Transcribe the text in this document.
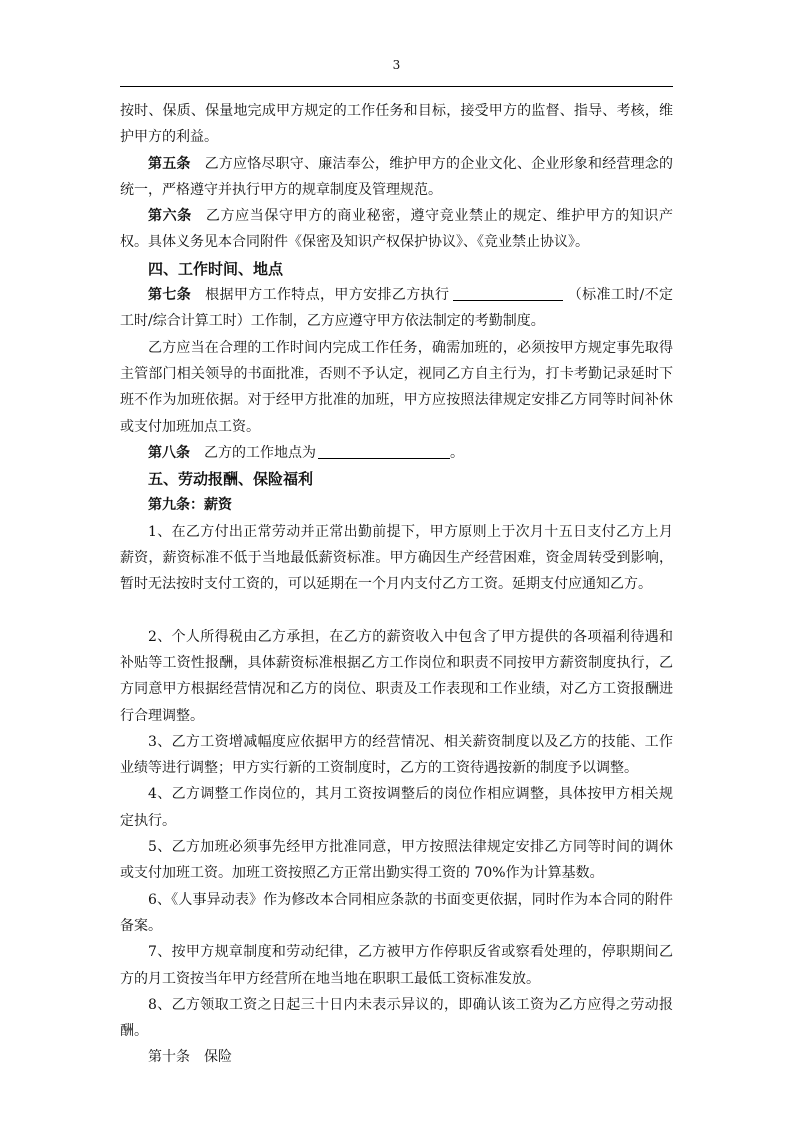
3

按时、保质、保量地完成甲方规定的工作任务和目标，接受甲方的监督、指导、考核，维护甲方的利益。

第五条 乙方应恪尽职守、廉洁奉公，维护甲方的企业文化、企业形象和经营理念的统一，严格遵守并执行甲方的规章制度及管理规范。

第六条 乙方应当保守甲方的商业秘密，遵守竞业禁止的规定、维护甲方的知识产权。具体义务见本合同附件《保密及知识产权保护协议》、《竞业禁止协议》。

四、工作时间、地点

第七条 根据甲方工作特点，甲方安排乙方执行	（标准工时/不定工时/综合计算工时）工作制，乙方应遵守甲方依法制定的考勤制度。

乙方应当在合理的工作时间内完成工作任务，确需加班的，必须按甲方规定事先取得主管部门相关领导的书面批准，否则不予认定，视同乙方自主行为，打卡考勤记录延时下班不作为加班依据。对于经甲方批准的加班，甲方应按照法律规定安排乙方同等时间补休或支付加班加点工资。

第八条 乙方的工作地点为	。

五、劳动报酬、保险福利

第九条：薪资

1、在乙方付出正常劳动并正常出勤前提下，甲方原则上于次月十五日支付乙方上月薪资，薪资标准不低于当地最低薪资标准。甲方确因生产经营困难，资金周转受到影响，暂时无法按时支付工资的，可以延期在一个月内支付乙方工资。延期支付应通知乙方。

2、个人所得税由乙方承担，在乙方的薪资收入中包含了甲方提供的各项福利待遇和补贴等工资性报酬，具体薪资标准根据乙方工作岗位和职责不同按甲方薪资制度执行，乙方同意甲方根据经营情况和乙方的岗位、职责及工作表现和工作业绩，对乙方工资报酬进行合理调整。

3、乙方工资增减幅度应依据甲方的经营情况、相关薪资制度以及乙方的技能、工作业绩等进行调整；甲方实行新的工资制度时，乙方的工资待遇按新的制度予以调整。

4、乙方调整工作岗位的，其月工资按调整后的岗位作相应调整，具体按甲方相关规定执行。

5、乙方加班必须事先经甲方批准同意，甲方按照法律规定安排乙方同等时间的调休或支付加班工资。加班工资按照乙方正常出勤实得工资的 70%作为计算基数。

6、《人事异动表》作为修改本合同相应条款的书面变更依据，同时作为本合同的附件备案。

7、按甲方规章制度和劳动纪律，乙方被甲方作停职反省或察看处理的，停职期间乙方的月工资按当年甲方经营所在地当地在职职工最低工资标准发放。

8、乙方领取工资之日起三十日内未表示异议的，即确认该工资为乙方应得之劳动报酬。

第十条　保险
